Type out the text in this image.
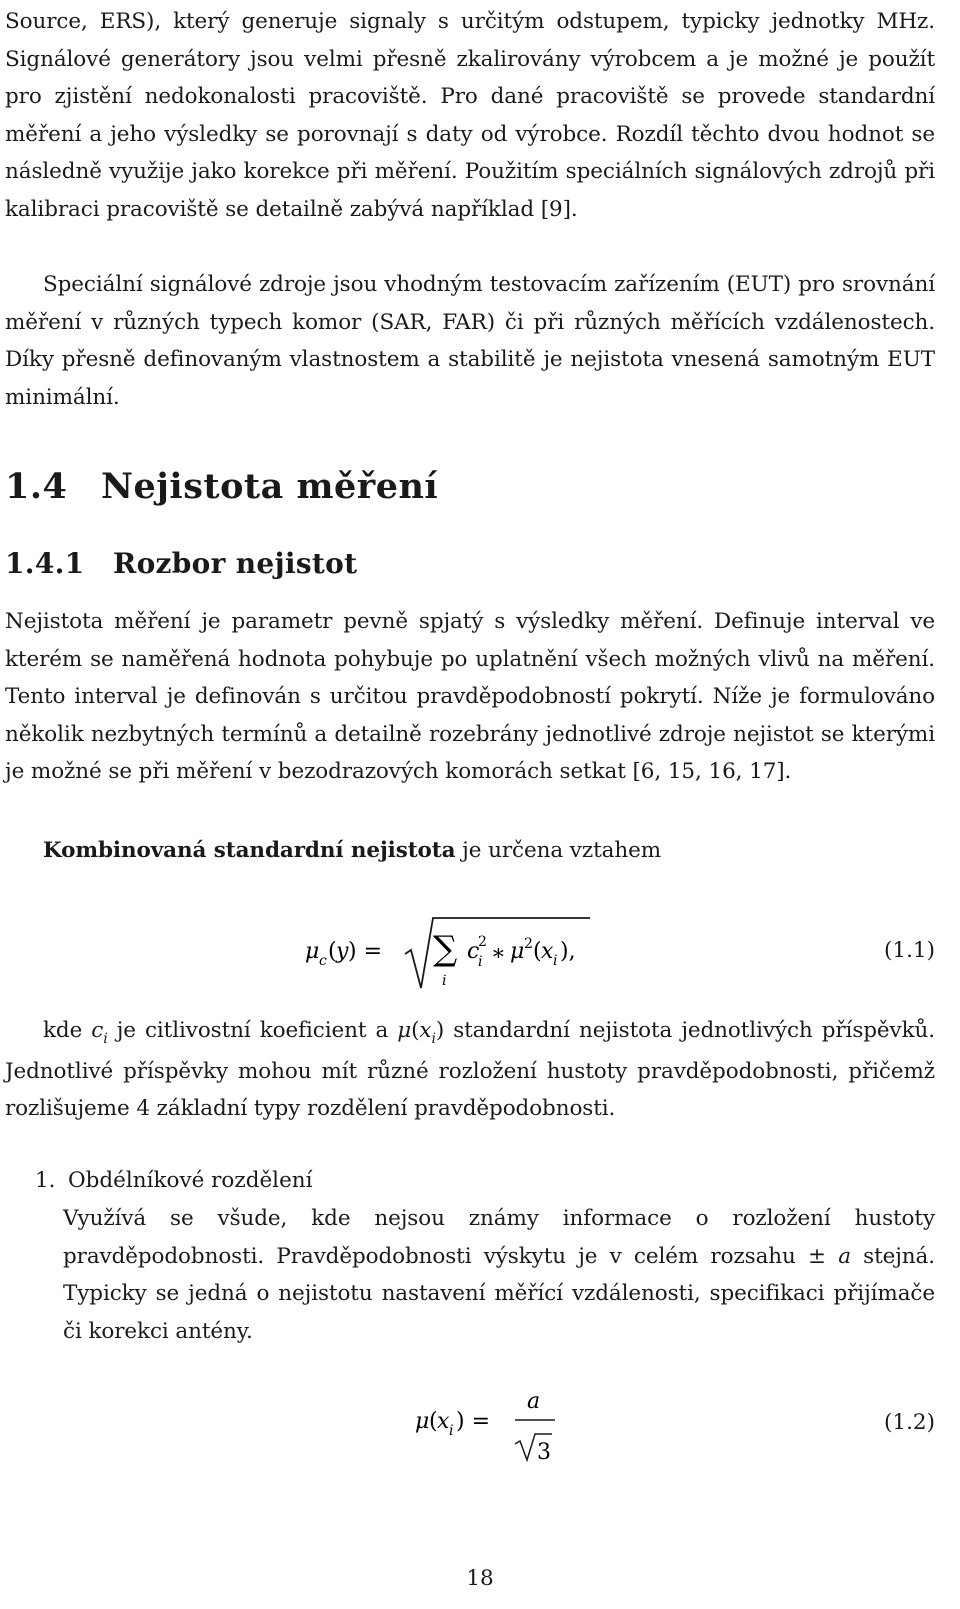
Source, ERS), který generuje signaly s určitým odstupem, typicky jednotky MHz. Signálové generátory jsou velmi přesně zkalirovány výrobcem a je možné je použít pro zjistění nedokonalosti pracoviště. Pro dané pracoviště se provede standardní měření a jeho výsledky se porovnají s daty od výrobce. Rozdíl těchto dvou hodnot se následně využije jako korekce při měření. Použitím speciálních signálových zdrojů při kalibraci pracoviště se detailně zabývá například [9].

Speciální signálové zdroje jsou vhodným testovacím zařízením (EUT) pro srovnání měření v různých typech komor (SAR, FAR) či při různých měřících vzdálenostech. Díky přesně definovaným vlastnostem a stabilitě je nejistota vnesená samotným EUT minimální.

1.4 Nejistota měření
1.4.1 Rozbor nejistot

Nejistota měření je parametr pevně spjatý s výsledky měření. Definuje interval ve kterém se naměřená hodnota pohybuje po uplatnění všech možných vlivů na měření. Tento interval je definován s určitou pravděpodobností pokrytí. Níže je formulováno několik nezbytných termínů a detailně rozebrány jednotlivé zdroje nejistot se kterými je možné se při měření v bezodrazových komorách setkat [6, 15, 16, 17].

Kombinovaná standardní nejistota je určena vztahem

μ c ( y ) = ∑
i
c
2
i ∗ μ 2 ( x i ),	(1.1)

kde $c_i$ je citlivostní koeficient a $\mu(x_i)$ standardní nejistota jednotlivých příspěvků. Jednotlivé příspěvky mohou mít různé rozložení hustoty pravděpodobnosti, přičemž rozlišujeme 4 základní typy rozdělení pravděpodobnosti.

1. Obdélníkové rozdělení

Využívá se všude, kde nejsou známy informace o rozložení hustoty pravděpodobnosti. Pravděpodobnosti výskytu je v celém rozsahu ± a stejná. Typicky se jedná o nejistotu nastavení měřící vzdálenosti, specifikaci přijímače či korekci antény.

μ ( x i ) =
a
3
(1.2)
18
